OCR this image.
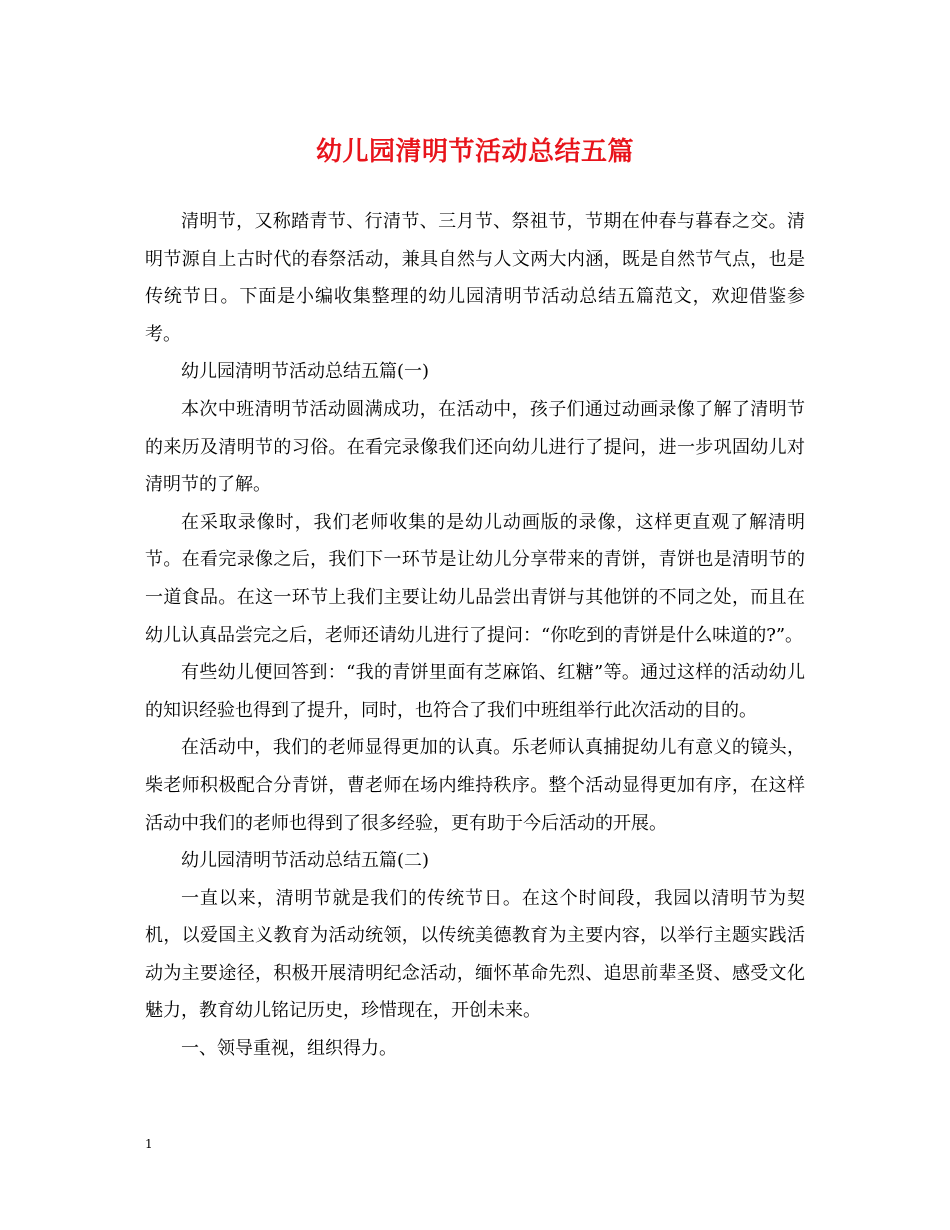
幼儿园清明节活动总结五篇

清明节，又称踏青节、行清节、三月节、祭祖节，节期在仲春与暮春之交。清明节源自上古时代的春祭活动，兼具自然与人文两大内涵，既是自然节气点，也是传统节日。下面是小编收集整理的幼儿园清明节活动总结五篇范文，欢迎借鉴参考。

幼儿园清明节活动总结五篇(一)

本次中班清明节活动圆满成功，在活动中，孩子们通过动画录像了解了清明节的来历及清明节的习俗。在看完录像我们还向幼儿进行了提问，进一步巩固幼儿对清明节的了解。

在采取录像时，我们老师收集的是幼儿动画版的录像，这样更直观了解清明节。在看完录像之后，我们下一环节是让幼儿分享带来的青饼，青饼也是清明节的一道食品。在这一环节上我们主要让幼儿品尝出青饼与其他饼的不同之处，而且在幼儿认真品尝完之后，老师还请幼儿进行了提问：“你吃到的青饼是什么味道的?”。

有些幼儿便回答到：“我的青饼里面有芝麻馅、红糖”等。通过这样的活动幼儿的知识经验也得到了提升，同时，也符合了我们中班组举行此次活动的目的。

在活动中，我们的老师显得更加的认真。乐老师认真捕捉幼儿有意义的镜头，柴老师积极配合分青饼，曹老师在场内维持秩序。整个活动显得更加有序，在这样活动中我们的老师也得到了很多经验，更有助于今后活动的开展。

幼儿园清明节活动总结五篇(二)

一直以来，清明节就是我们的传统节日。在这个时间段，我园以清明节为契机，以爱国主义教育为活动统领，以传统美德教育为主要内容，以举行主题实践活动为主要途径，积极开展清明纪念活动，缅怀革命先烈、追思前辈圣贤、感受文化魅力，教育幼儿铭记历史，珍惜现在，开创未来。

一、领导重视，组织得力。

1
